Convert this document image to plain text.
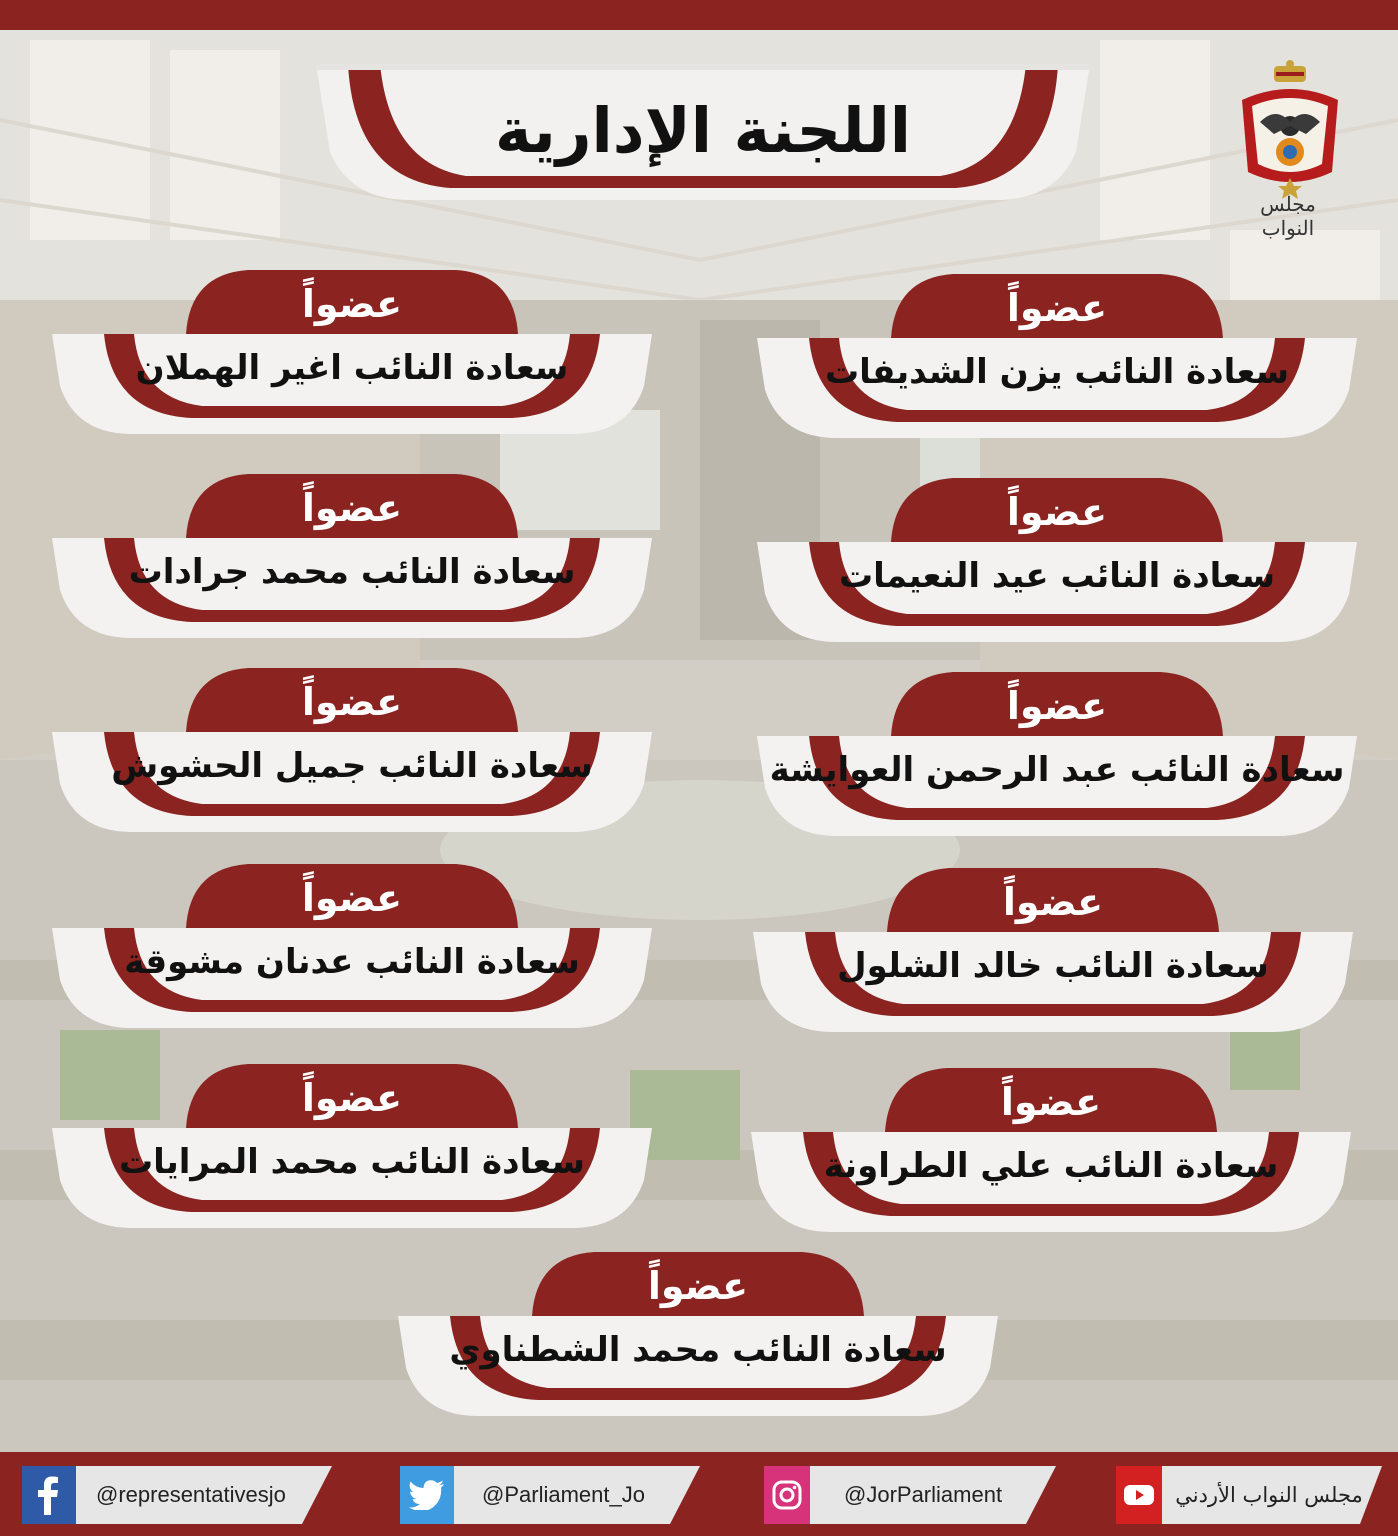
اللجنة الإدارية
مجلس النواب
عضواً
سعادة النائب يزن الشديفات
عضواً
سعادة النائب اغير الهملان
عضواً
سعادة النائب عيد النعيمات
عضواً
سعادة النائب محمد جرادات
عضواً
سعادة النائب عبد الرحمن العوايشة
عضواً
سعادة النائب جميل الحشوش
عضواً
سعادة النائب خالد الشلول
عضواً
سعادة النائب عدنان مشوقة
عضواً
سعادة النائب علي الطراونة
عضواً
سعادة النائب محمد المرايات
عضواً
سعادة النائب محمد الشطناوي
@representativesjo	@Parliament_Jo	@JorParliament	مجلس النواب الأردني
